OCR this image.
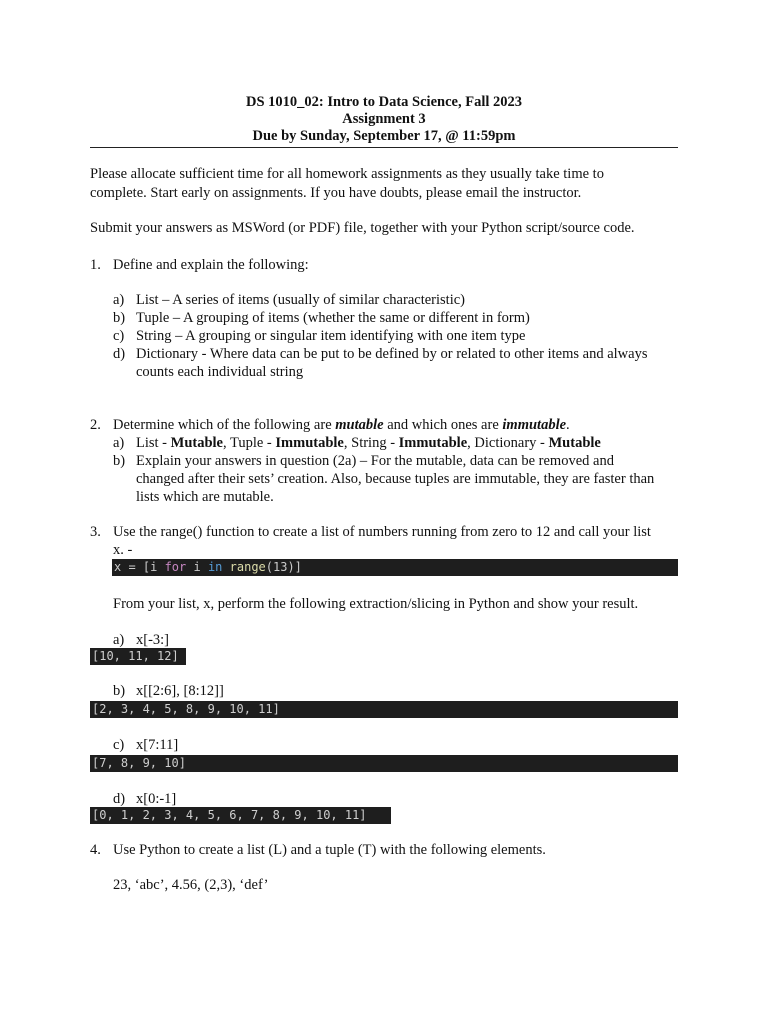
DS 1010_02: Intro to Data Science, Fall 2023
Assignment 3
Due by Sunday, September 17, @ 11:59pm
Please allocate sufficient time for all homework assignments as they usually take time to
complete. Start early on assignments. If you have doubts, please email the instructor.
Submit your answers as MSWord (or PDF) file, together with your Python script/source code.
1. Define and explain the following:
a) List – A series of items (usually of similar characteristic)
b) Tuple – A grouping of items (whether the same or different in form)
c) String – A grouping or singular item identifying with one item type
d) Dictionary - Where data can be put to be defined by or related to other items and always
counts each individual string
2. Determine which of the following are mutable and which ones are immutable.
a) List - Mutable, Tuple - Immutable, String - Immutable, Dictionary - Mutable
b) Explain your answers in question (2a) – For the mutable, data can be removed and
changed after their sets’ creation. Also, because tuples are immutable, they are faster than
lists which are mutable.
3. Use the range() function to create a list of numbers running from zero to 12 and call your list
x. -
x = [i for i in range(13)]
From your list, x, perform the following extraction/slicing in Python and show your result.
a) x[-3:]
[10, 11, 12]
b) x[[2:6], [8:12]]
[2, 3, 4, 5, 8, 9, 10, 11]
c) x[7:11]
[7, 8, 9, 10]
d) x[0:-1]
[0, 1, 2, 3, 4, 5, 6, 7, 8, 9, 10, 11]
4. Use Python to create a list (L) and a tuple (T) with the following elements.
23, ‘abc’, 4.56, (2,3), ‘def’
